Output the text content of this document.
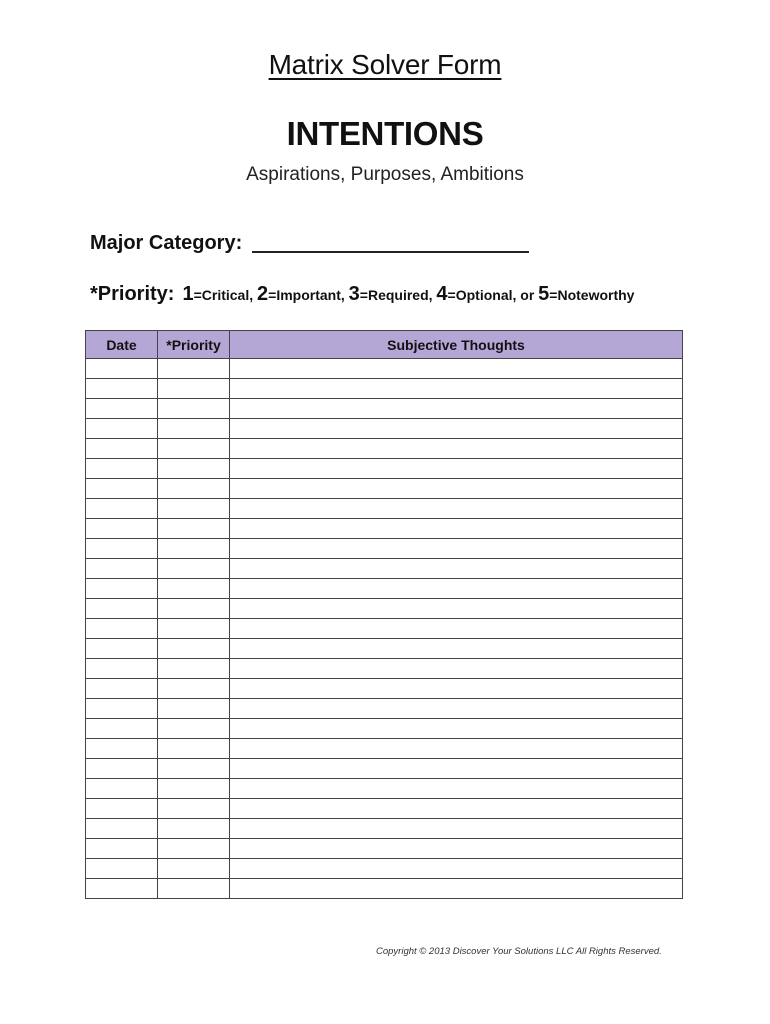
Matrix Solver Form
INTENTIONS
Aspirations, Purposes, Ambitions
Major Category:
*Priority: 1=Critical, 2=Important, 3=Required, 4=Optional, or 5=Noteworthy
Date	*Priority	Subjective Thoughts

Copyright © 2013 Discover Your Solutions LLC All Rights Reserved.
